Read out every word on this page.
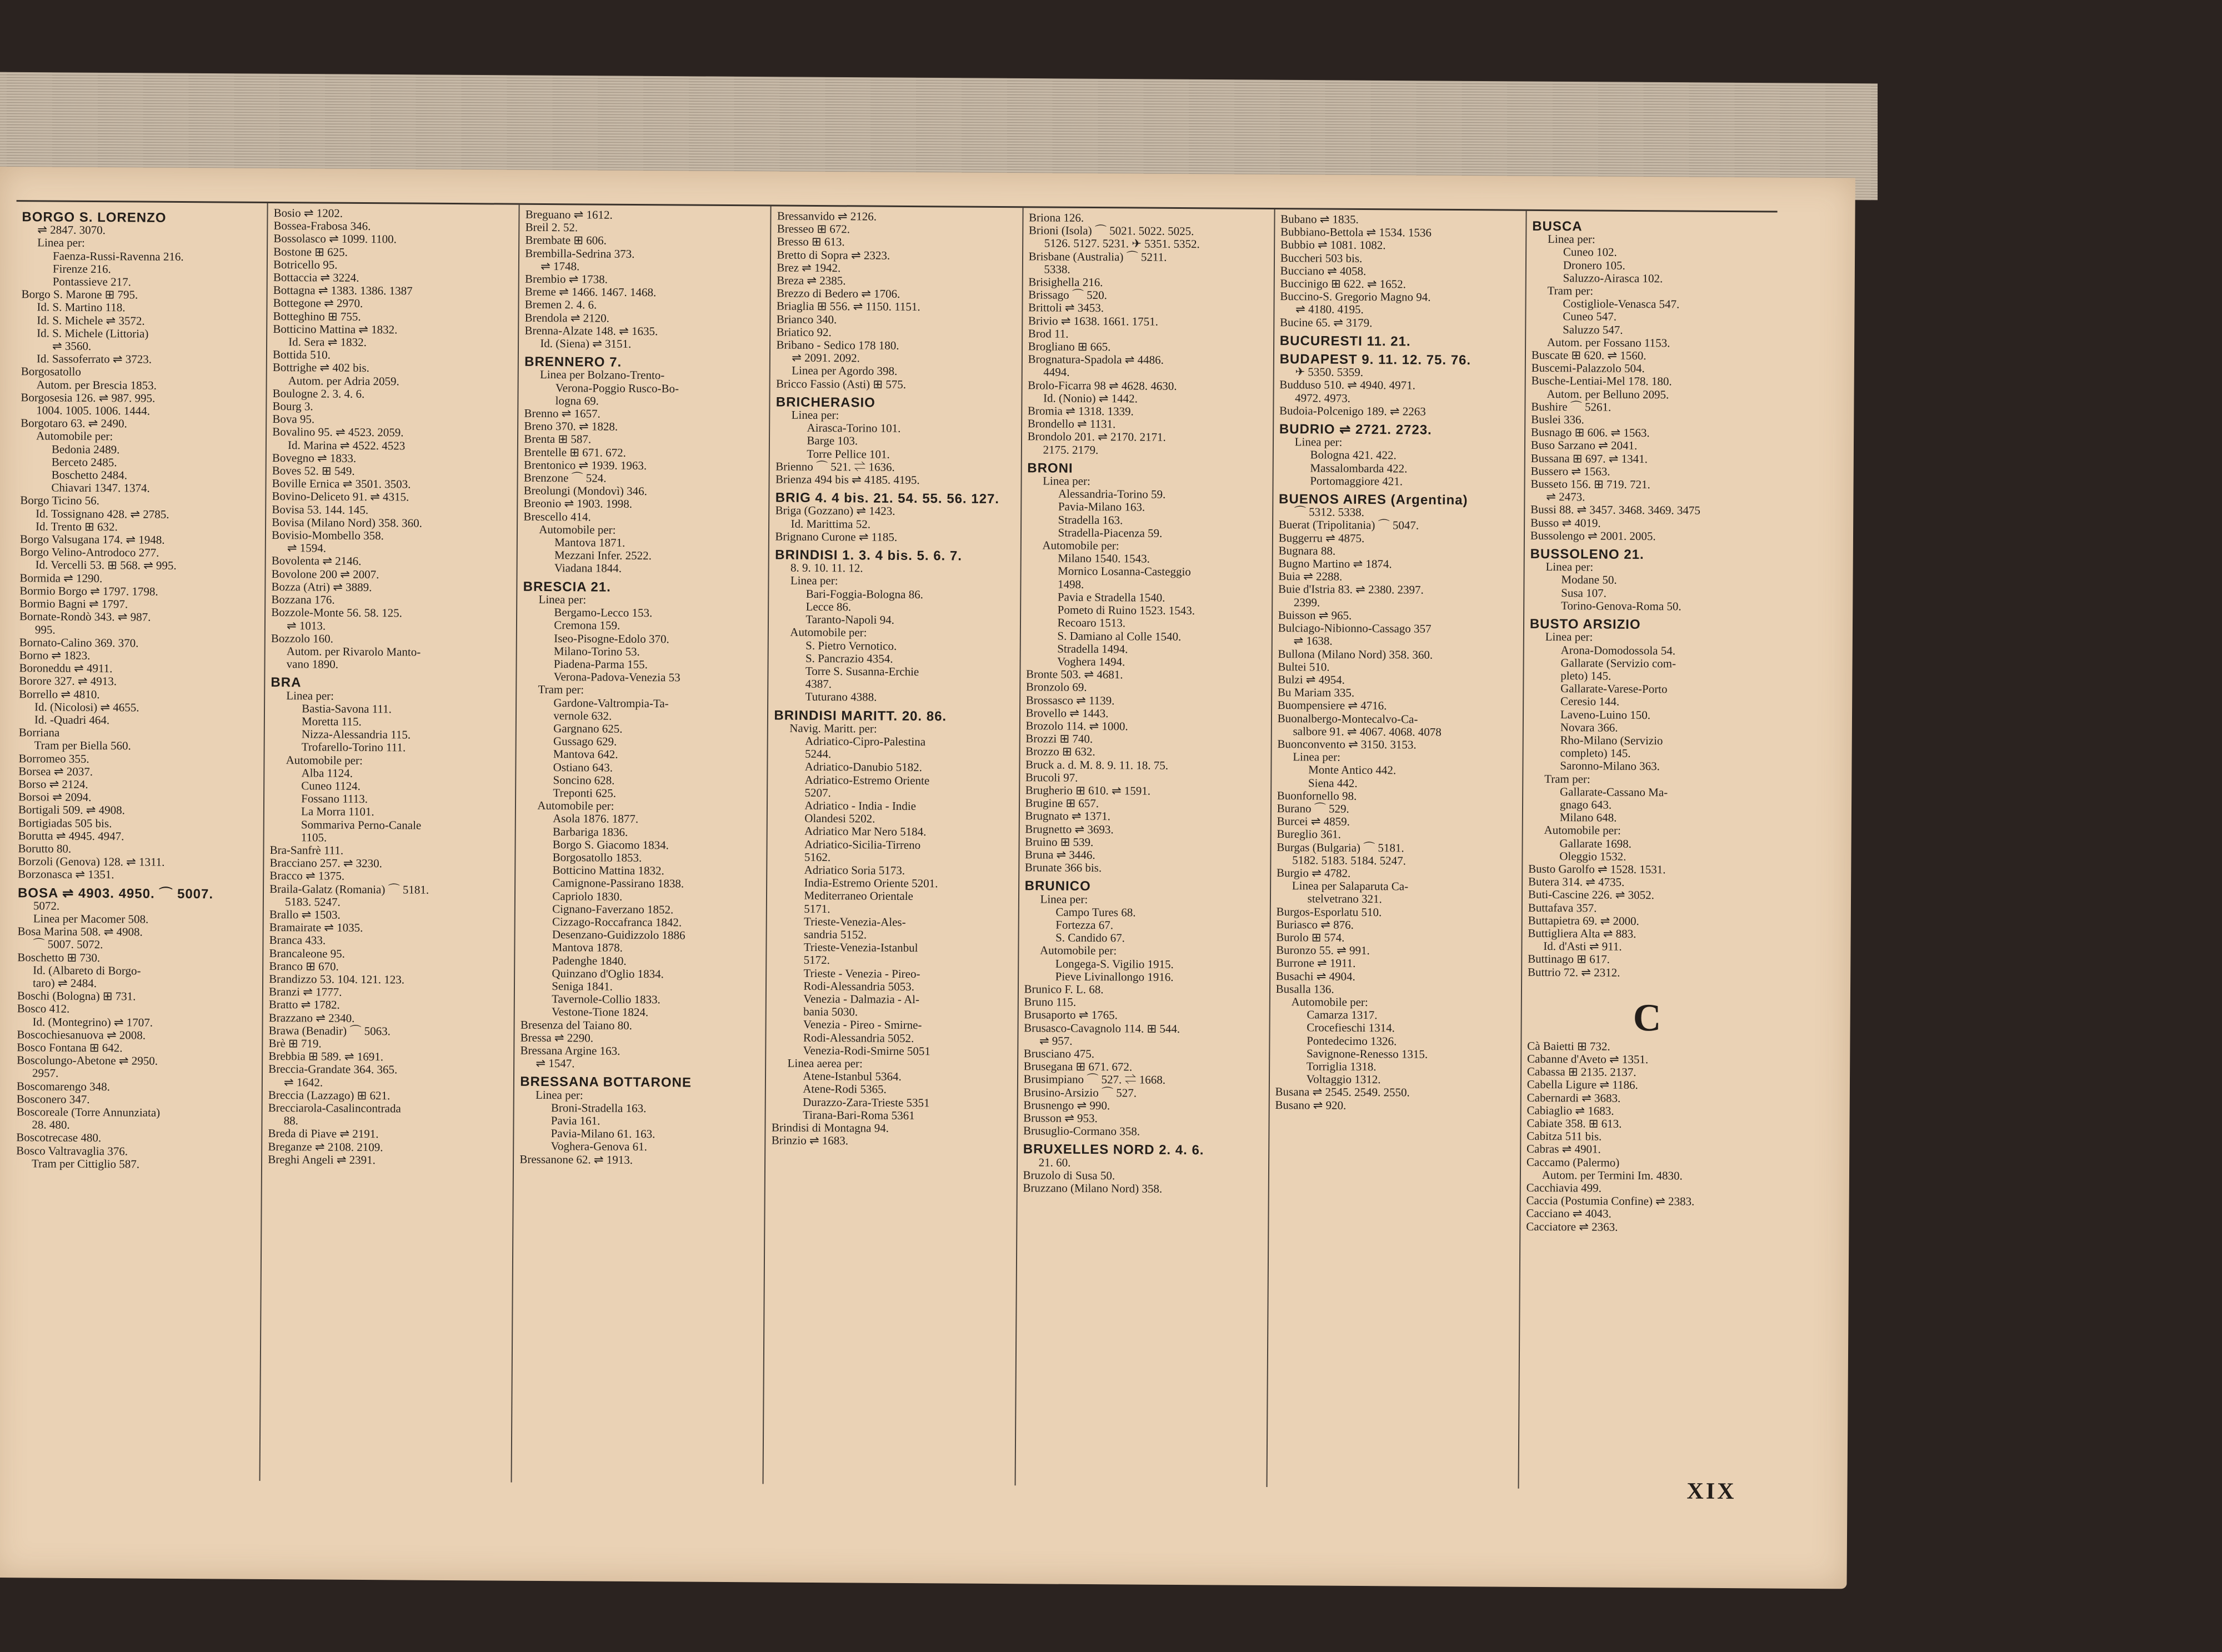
BORGO S. LORENZO
⇌ 2847. 3070.
Linea per:
Faenza-Russi-Ravenna 216.
Firenze 216.
Pontassieve 217.
Borgo S. Marone ⊞ 795.
Id. S. Martino 118.
Id. S. Michele ⇌ 3572.
Id. S. Michele (Littoria)
⇌ 3560.
Id. Sassoferrato ⇌ 3723.
Borgosatollo
Autom. per Brescia 1853.
Borgosesia 126. ⇌ 987. 995.
1004. 1005. 1006. 1444.
Borgotaro 63. ⇌ 2490.
Automobile per:
Bedonia 2489.
Berceto 2485.
Boschetto 2484.
Chiavari 1347. 1374.
Borgo Ticino 56.
Id. Tossignano 428. ⇌ 2785.
Id. Trento ⊞ 632.
Borgo Valsugana 174. ⇌ 1948.
Borgo Velino-Antrodoco 277.
Id. Vercelli 53. ⊞ 568. ⇌ 995.
Bormida ⇌ 1290.
Bormio Borgo ⇌ 1797. 1798.
Bormio Bagni ⇌ 1797.
Bornate-Rondò 343. ⇌ 987.
995.
Bornato-Calino 369. 370.
Borno ⇌ 1823.
Boroneddu ⇌ 4911.
Borore 327. ⇌ 4913.
Borrello ⇌ 4810.
Id. (Nicolosi) ⇌ 4655.
Id. -Quadri 464.
Borriana
Tram per Biella 560.
Borromeo 355.
Borsea ⇌ 2037.
Borso ⇌ 2124.
Borsoi ⇌ 2094.
Bortigali 509. ⇌ 4908.
Bortigiadas 505 bis.
Borutta ⇌ 4945. 4947.
Boruttо 80.
Borzoli (Genova) 128. ⇌ 1311.
Borzonasca ⇌ 1351.
BOSA ⇌ 4903. 4950. ⌒ 5007.
5072.
Linea per Macomer 508.
Bosa Marina 508. ⇌ 4908.
⌒ 5007. 5072.
Boschetto ⊞ 730.
Id. (Albareto di Borgo-
taro) ⇌ 2484.
Boschi (Bologna) ⊞ 731.
Bosco 412.
Id. (Montegrino) ⇌ 1707.
Boscochiesanuova ⇌ 2008.
Bosco Fontana ⊞ 642.
Boscolungo-Abetone ⇌ 2950.
2957.
Boscomarengo 348.
Bosconero 347.
Boscoreale (Torre Annunziata)
28. 480.
Boscotrecase 480.
Bosco Valtravaglia 376.
Tram per Cittiglio 587.
Bosio ⇌ 1202.
Bossea-Frabosa 346.
Bossolasco ⇌ 1099. 1100.
Bostone ⊞ 625.
Botricello 95.
Bottaccia ⇌ 3224.
Bottagna ⇌ 1383. 1386. 1387
Bottegone ⇌ 2970.
Botteghino ⊞ 755.
Botticino Mattina ⇌ 1832.
Id. Sera ⇌ 1832.
Bottida 510.
Bottrighe ⇌ 402 bis.
Autom. per Adria 2059.
Boulogne 2. 3. 4. 6.
Bourg 3.
Bova 95.
Bovalino 95. ⇌ 4523. 2059.
Id. Marina ⇌ 4522. 4523
Bovegno ⇌ 1833.
Boves 52. ⊞ 549.
Boville Ernica ⇌ 3501. 3503.
Bovino-Deliceto 91. ⇌ 4315.
Bovisa 53. 144. 145.
Bovisa (Milano Nord) 358. 360.
Bovisio-Mombello 358.
⇌ 1594.
Bovolenta ⇌ 2146.
Bovolone 200 ⇌ 2007.
Bozza (Atri) ⇌ 3889.
Bozzana 176.
Bozzole-Monte 56. 58. 125.
⇌ 1013.
Bozzolo 160.
Autom. per Rivarolo Manto-
vano 1890.
BRA
Linea per:
Bastia-Savona 111.
Moretta 115.
Nizza-Alessandria 115.
Trofarello-Torino 111.
Automobile per:
Alba 1124.
Cuneo 1124.
Fossano 1113.
La Morra 1101.
Sommariva Perno-Canale
1105.
Bra-Sanfrè 111.
Bracciano 257. ⇌ 3230.
Bracco ⇌ 1375.
Braila-Galatz (Romania) ⌒ 5181.
5183. 5247.
Brallo ⇌ 1503.
Bramairate ⇌ 1035.
Branca 433.
Brancaleone 95.
Branco ⊞ 670.
Brandizzo 53. 104. 121. 123.
Branzi ⇌ 1777.
Bratto ⇌ 1782.
Brazzano ⇌ 2340.
Brawa (Benadir) ⌒ 5063.
Brè ⊞ 719.
Brebbia ⊞ 589. ⇌ 1691.
Breccia-Grandate 364. 365.
⇌ 1642.
Breccia (Lazzago) ⊞ 621.
Brecciarola-Casalincontrada
88.
Breda di Piave ⇌ 2191.
Breganze ⇌ 2108. 2109.
Breghi Angeli ⇌ 2391.
Breguano ⇌ 1612.
Breil 2. 52.
Brembate ⊞ 606.
Brembilla-Sedrina 373.
⇌ 1748.
Brembio ⇌ 1738.
Breme ⇌ 1466. 1467. 1468.
Bremen 2. 4. 6.
Brendola ⇌ 2120.
Brenna-Alzate 148. ⇌ 1635.
Id. (Siena) ⇌ 3151.
BRENNERO 7.
Linea per Bolzano-Trento-
Verona-Poggio Rusco-Bo-
logna 69.
Brenno ⇌ 1657.
Breno 370. ⇌ 1828.
Brenta ⊞ 587.
Brentelle ⊞ 671. 672.
Brentonico ⇌ 1939. 1963.
Brenzone ⌒ 524.
Breolungi (Mondovì) 346.
Breonio ⇌ 1903. 1998.
Brescello 414.
Automobile per:
Mantova 1871.
Mezzani Infer. 2522.
Viadana 1844.
BRESCIA 21.
Linea per:
Bergamo-Lecco 153.
Cremona 159.
Iseo-Pisogne-Edolo 370.
Milano-Torino 53.
Piadena-Parma 155.
Verona-Padova-Venezia 53
Tram per:
Gardone-Valtrompia-Ta-
vernole 632.
Gargnano 625.
Gussago 629.
Mantova 642.
Ostiano 643.
Soncino 628.
Treponti 625.
Automobile per:
Asola 1876. 1877.
Barbariga 1836.
Borgo S. Giacomo 1834.
Borgosatollo 1853.
Botticino Mattina 1832.
Camignone-Passirano 1838.
Capriolo 1830.
Cignano-Faverzano 1852.
Cizzago-Roccafranca 1842.
Desenzano-Guidizzolo 1886
Mantova 1878.
Padenghe 1840.
Quinzano d'Oglio 1834.
Seniga 1841.
Tavernole-Collio 1833.
Vestone-Tione 1824.
Bresenza del Taiano 80.
Bressa ⇌ 2290.
Bressana Argine 163.
⇌ 1547.
BRESSANA BOTTARONE
Linea per:
Broni-Stradella 163.
Pavia 161.
Pavia-Milano 61. 163.
Voghera-Genova 61.
Bressanone 62. ⇌ 1913.
Bressanvido ⇌ 2126.
Bresseo ⊞ 672.
Bresso ⊞ 613.
Bretto di Sopra ⇌ 2323.
Brez ⇌ 1942.
Breza ⇌ 2385.
Brezzo di Bedero ⇌ 1706.
Briaglia ⊞ 556. ⇌ 1150. 1151.
Brianco 340.
Briatico 92.
Bribano - Sedico 178 180.
⇌ 2091. 2092.
Linea per Agordo 398.
Bricco Fassio (Asti) ⊞ 575.
BRICHERASIO
Linea per:
Airasca-Torino 101.
Barge 103.
Torre Pellice 101.
Brienno ⌒ 521. ⇌ 1636.
Brienza 494 bis ⇌ 4185. 4195.
BRIG 4. 4 bis. 21. 54. 55. 56. 127.
Briga (Gozzano) ⇌ 1423.
Id. Marittima 52.
Brignano Curone ⇌ 1185.
BRINDISI 1. 3. 4 bis. 5. 6. 7.
8. 9. 10. 11. 12.
Linea per:
Bari-Foggia-Bologna 86.
Lecce 86.
Taranto-Napoli 94.
Automobile per:
S. Pietro Vernotico.
S. Pancrazio 4354.
Torre S. Susanna-Erchie
4387.
Tuturano 4388.
BRINDISI MARITT. 20. 86.
Navig. Maritt. per:
Adriatico-Cipro-Palestina
5244.
Adriatico-Danubio 5182.
Adriatico-Estremo Oriente
5207.
Adriatico - India - Indie
Olandesi 5202.
Adriatico Mar Nero 5184.
Adriatico-Sicilia-Tirreno
5162.
Adriatico Soria 5173.
India-Estremo Oriente 5201.
Mediterraneo Orientale
5171.
Trieste-Venezia-Ales-
sandria 5152.
Trieste-Venezia-Istanbul
5172.
Trieste - Venezia - Pireo-
Rodi-Alessandria 5053.
Venezia - Dalmazia - Al-
bania 5030.
Venezia - Pireo - Smirne-
Rodi-Alessandria 5052.
Venezia-Rodi-Smirne 5051
Linea aerea per:
Atene-Istanbul 5364.
Atene-Rodi 5365.
Durazzo-Zara-Trieste 5351
Tirana-Bari-Roma 5361
Brindisi di Montagna 94.
Brinzio ⇌ 1683.
Briona 126.
Brioni (Isola) ⌒ 5021. 5022. 5025.
5126. 5127. 5231. ✈ 5351. 5352.
Brisbane (Australia) ⌒ 5211.
5338.
Brisighella 216.
Brissago ⌒ 520.
Brittoli ⇌ 3453.
Brivio ⇌ 1638. 1661. 1751.
Brod 11.
Brogliano ⊞ 665.
Brognatura-Spadola ⇌ 4486.
4494.
Brolo-Ficarra 98 ⇌ 4628. 4630.
Id. (Nonio) ⇌ 1442.
Bromia ⇌ 1318. 1339.
Brondello ⇌ 1131.
Brondolo 201. ⇌ 2170. 2171.
2175. 2179.
BRONI
Linea per:
Alessandria-Torino 59.
Pavia-Milano 163.
Stradella 163.
Stradella-Piacenza 59.
Automobile per:
Milano 1540. 1543.
Mornico Losanna-Casteggio
1498.
Pavia e Stradella 1540.
Pometo di Ruino 1523. 1543.
Recoaro 1513.
S. Damiano al Colle 1540.
Stradella 1494.
Voghera 1494.
Bronte 503. ⇌ 4681.
Bronzolo 69.
Brossasco ⇌ 1139.
Brovello ⇌ 1443.
Brozolo 114. ⇌ 1000.
Brozzi ⊞ 740.
Brozzo ⊞ 632.
Bruck a. d. M. 8. 9. 11. 18. 75.
Brucoli 97.
Brugherio ⊞ 610. ⇌ 1591.
Brugine ⊞ 657.
Brugnato ⇌ 1371.
Brugnetto ⇌ 3693.
Bruino ⊞ 539.
Bruna ⇌ 3446.
Brunate 366 bis.
BRUNICO
Linea per:
Campo Tures 68.
Fortezza 67.
S. Candido 67.
Automobile per:
Longega-S. Vigilio 1915.
Pieve Livinallongo 1916.
Brunico F. L. 68.
Bruno 115.
Brusaporto ⇌ 1765.
Brusasco-Cavagnolo 114. ⊞ 544.
⇌ 957.
Brusciano 475.
Brusegana ⊞ 671. 672.
Brusimpiano ⌒ 527. ⇌ 1668.
Brusino-Arsizio ⌒ 527.
Brusnengo ⇌ 990.
Brusson ⇌ 953.
Brusuglio-Cormano 358.
BRUXELLES NORD 2. 4. 6.
21. 60.
Bruzolo di Susa 50.
Bruzzano (Milano Nord) 358.
Bubano ⇌ 1835.
Bubbiano-Bettola ⇌ 1534. 1536
Bubbio ⇌ 1081. 1082.
Buccheri 503 bis.
Bucciano ⇌ 4058.
Buccinigo ⊞ 622. ⇌ 1652.
Buccino-S. Gregorio Magno 94.
⇌ 4180. 4195.
Bucine 65. ⇌ 3179.
BUCURESTI 11. 21.
BUDAPEST 9. 11. 12. 75. 76.
✈ 5350. 5359.
Budduso 510. ⇌ 4940. 4971.
4972. 4973.
Budoia-Polcenigo 189. ⇌ 2263
BUDRIO ⇌ 2721. 2723.
Linea per:
Bologna 421. 422.
Massalombarda 422.
Portomaggiore 421.
BUENOS AIRES (Argentina)
⌒ 5312. 5338.
Buerat (Tripolitania) ⌒ 5047.
Buggerru ⇌ 4875.
Bugnara 88.
Bugno Martino ⇌ 1874.
Buia ⇌ 2288.
Buie d'Istria 83. ⇌ 2380. 2397.
2399.
Buisson ⇌ 965.
Bulciago-Nibionno-Cassago 357
⇌ 1638.
Bullona (Milano Nord) 358. 360.
Bultei 510.
Bulzi ⇌ 4954.
Bu Mariam 335.
Buompensiere ⇌ 4716.
Buonalbergo-Montecalvo-Ca-
salbore 91. ⇌ 4067. 4068. 4078
Buonconvento ⇌ 3150. 3153.
Linea per:
Monte Antico 442.
Siena 442.
Buonfornello 98.
Burano ⌒ 529.
Burcei ⇌ 4859.
Bureglio 361.
Burgas (Bulgaria) ⌒ 5181.
5182. 5183. 5184. 5247.
Burgio ⇌ 4782.
Linea per Salaparuta Ca-
stelvetrano 321.
Burgos-Esporlatu 510.
Buriasco ⇌ 876.
Burolo ⊞ 574.
Buronzo 55. ⇌ 991.
Burrone ⇌ 1911.
Busachi ⇌ 4904.
Busalla 136.
Automobile per:
Camarza 1317.
Crocefieschi 1314.
Pontedecimo 1326.
Savignone-Renesso 1315.
Torriglia 1318.
Voltaggio 1312.
Busana ⇌ 2545. 2549. 2550.
Busano ⇌ 920.
BUSCA
Linea per:
Cuneo 102.
Dronero 105.
Saluzzo-Airasca 102.
Tram per:
Costigliole-Venasca 547.
Cuneo 547.
Saluzzo 547.
Autom. per Fossano 1153.
Buscate ⊞ 620. ⇌ 1560.
Buscemi-Palazzolo 504.
Busche-Lentiai-Mel 178. 180.
Autom. per Belluno 2095.
Bushire ⌒ 5261.
Buslei 336.
Busnago ⊞ 606. ⇌ 1563.
Buso Sarzano ⇌ 2041.
Bussana ⊞ 697. ⇌ 1341.
Bussero ⇌ 1563.
Busseto 156. ⊞ 719. 721.
⇌ 2473.
Bussi 88. ⇌ 3457. 3468. 3469. 3475
Busso ⇌ 4019.
Bussolengo ⇌ 2001. 2005.
BUSSOLENO 21.
Linea per:
Modane 50.
Susa 107.
Torino-Genova-Roma 50.
BUSTO ARSIZIO
Linea per:
Arona-Domodossola 54.
Gallarate (Servizio com-
pleto) 145.
Gallarate-Varese-Porto
Ceresio 144.
Laveno-Luino 150.
Novara 366.
Rho-Milano (Servizio
completo) 145.
Saronno-Milano 363.
Tram per:
Gallarate-Cassano Ma-
gnago 643.
Milano 648.
Automobile per:
Gallarate 1698.
Oleggio 1532.
Busto Garolfo ⇌ 1528. 1531.
Butera 314. ⇌ 4735.
Buti-Cascine 226. ⇌ 3052.
Buttafava 357.
Buttapietra 69. ⇌ 2000.
Buttigliera Alta ⇌ 883.
Id. d'Asti ⇌ 911.
Buttinago ⊞ 617.
Buttrio 72. ⇌ 2312.
C
Cà Baietti ⊞ 732.
Cabanne d'Aveto ⇌ 1351.
Cabassa ⊞ 2135. 2137.
Cabella Ligure ⇌ 1186.
Cabernardi ⇌ 3683.
Cabiaglio ⇌ 1683.
Cabiate 358. ⊞ 613.
Cabitza 511 bis.
Cabras ⇌ 4901.
Caccamo (Palermo)
Autom. per Termini Im. 4830.
Cacchiavia 499.
Caccia (Postumia Confine) ⇌ 2383.
Cacciano ⇌ 4043.
Cacciatore ⇌ 2363.
XIX
